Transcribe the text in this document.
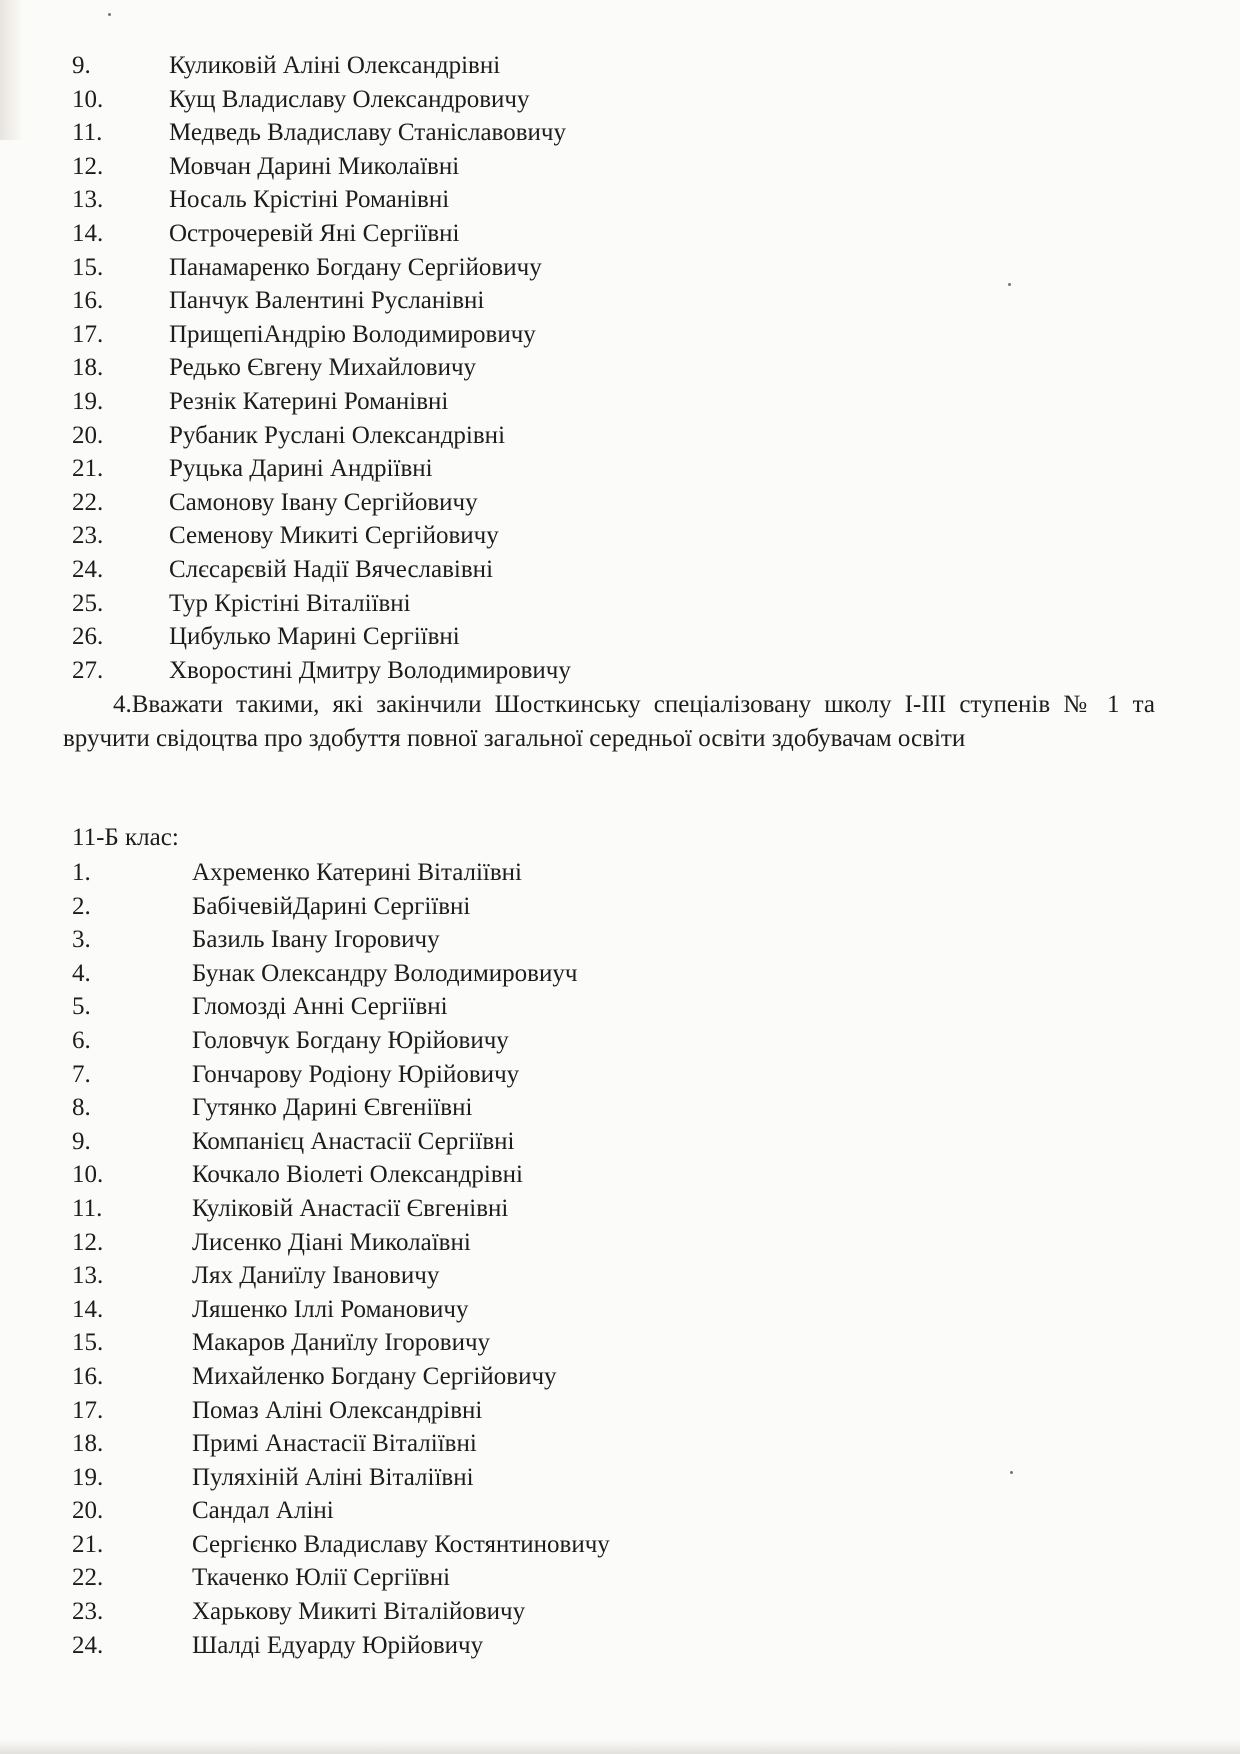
9.	Куликовій Аліні Олександрівні
10.	Кущ Владиславу Олександровичу
11.	Медведь Владиславу Станіславовичу
12.	Мовчан Дарині Миколаївні
13.	Носаль Крістіні Романівні
14.	Острочеревій Яні Сергіївні
15.	Панамаренко Богдану Сергійовичу
16.	Панчук Валентині Русланівні
17.	ПрищепіАндрію Володимировичу
18.	Редько Євгену Михайловичу
19.	Резнік Катерині Романівні
20.	Рубаник Руслані Олександрівні
21.	Руцька Дарині Андріївні
22.	Самонову Івану Сергійовичу
23.	Семенову Микиті Сергійовичу
24.	Слєсарєвій Надії Вячеславівні
25.	Тур Крістіні Віталіївні
26.	Цибулько Марині Сергіївні
27.	Хворостині Дмитру Володимировичу

4.Вважати такими, які закінчили Шосткинську спеціалізовану школу І-ІІІ ступенів № 1 та вручити свідоцтва про здобуття повної загальної середньої освіти здобувачам освіти

11-Б клас:
1.	Ахременко Катерині Віталіївні
2.	БабічевійДарині Сергіївні
3.	Базиль Івану Ігоровичу
4.	Бунак Олександру Володимировиуч
5.	Гломозді Анні Сергіївні
6.	Головчук Богдану Юрійовичу
7.	Гончарову Родіону Юрійовичу
8.	Гутянко Дарині Євгеніївні
9.	Компанієц Анастасії Сергіївні
10.	Кочкало Віолеті Олександрівні
11.	Куліковій Анастасії Євгенівні
12.	Лисенко Діані Миколаївні
13.	Лях Даниїлу Івановичу
14.	Ляшенко Іллі Романовичу
15.	Макаров Даниїлу Ігоровичу
16.	Михайленко Богдану Сергійовичу
17.	Помаз Аліні Олександрівні
18.	Примі Анастасії Віталіївні
19.	Пуляхіній Аліні Віталіївні
20.	Сандал Аліні
21.	Сергієнко Владиславу Костянтиновичу
22.	Ткаченко Юлії Сергіївні
23.	Харькову Микиті Віталійовичу
24.	Шалді Едуарду Юрійовичу
